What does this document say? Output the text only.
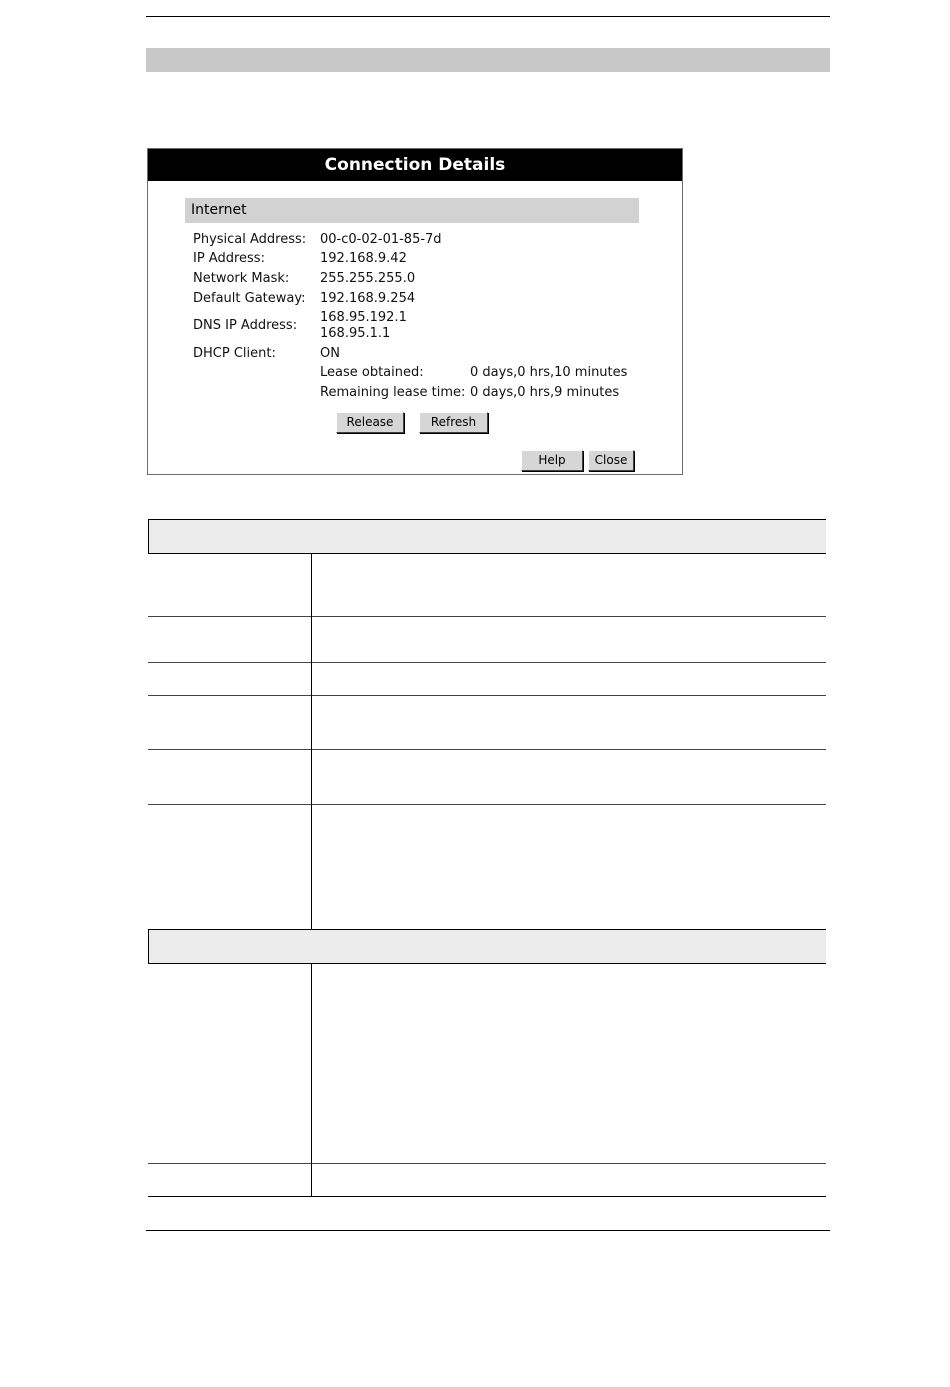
Connection Details
Internet
Physical Address: 00-c0-02-01-85-7d
IP Address:	192.168.9.42
Network Mask: 255.255.255.0
Default Gateway: 192.168.9.254
DNS IP Address:
168.95.192.1
168.95.1.1
DHCP Client:	ON
Lease obtained:	0 days,0 hrs,10 minutes
Remaining lease time: 0 days,0 hrs,9 minutes
Release	Refresh
Help	Close
